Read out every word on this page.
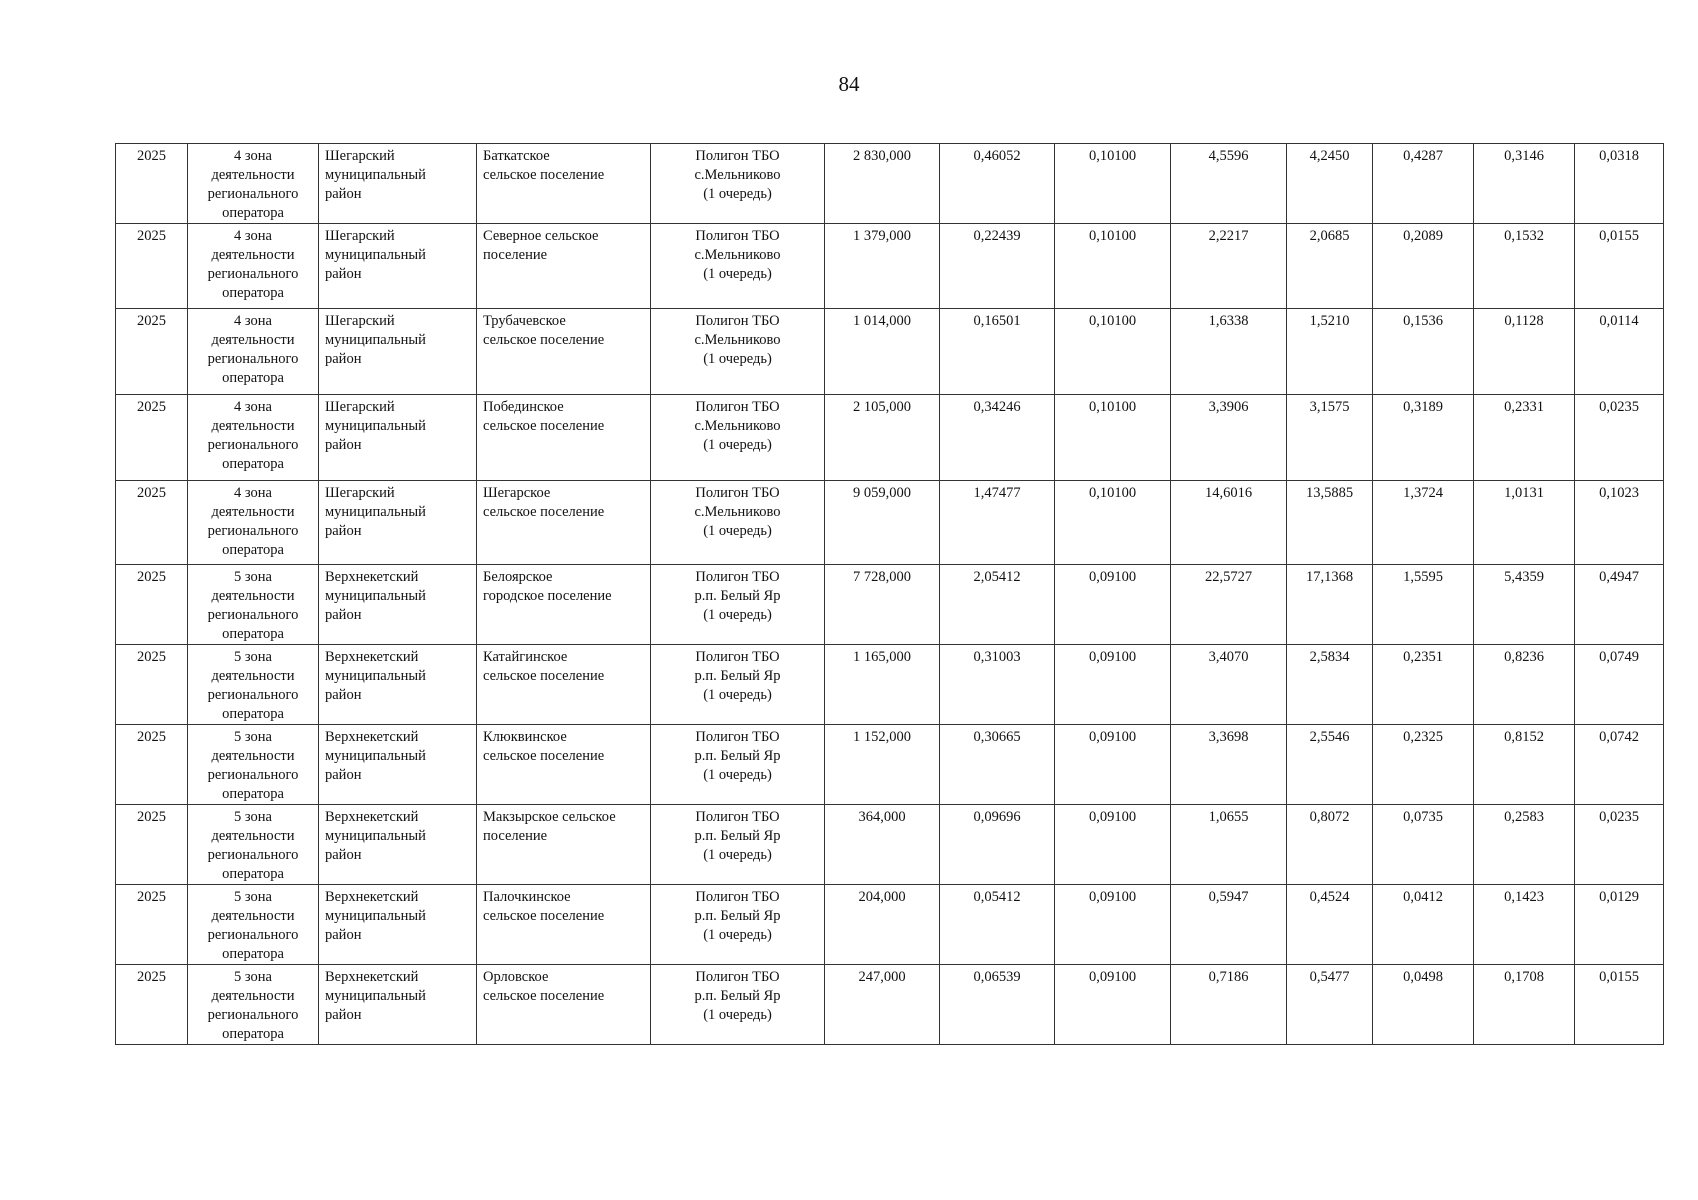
84
2025	4 зона
деятельности
регионального
оператора	Шегарский
муниципальный
район	Баткатское
сельское поселение	Полигон ТБО
с.Мельниково
(1 очередь)	2 830,000	0,46052	0,10100	4,5596	4,2450	0,4287	0,3146	0,0318
2025	4 зона
деятельности
регионального
оператора	Шегарский
муниципальный
район	Северное сельское
поселение	Полигон ТБО
с.Мельниково
(1 очередь)	1 379,000	0,22439	0,10100	2,2217	2,0685	0,2089	0,1532	0,0155
2025	4 зона
деятельности
регионального
оператора	Шегарский
муниципальный
район	Трубачевское
сельское поселение	Полигон ТБО
с.Мельниково
(1 очередь)	1 014,000	0,16501	0,10100	1,6338	1,5210	0,1536	0,1128	0,0114
2025	4 зона
деятельности
регионального
оператора	Шегарский
муниципальный
район	Побединское
сельское поселение	Полигон ТБО
с.Мельниково
(1 очередь)	2 105,000	0,34246	0,10100	3,3906	3,1575	0,3189	0,2331	0,0235
2025	4 зона
деятельности
регионального
оператора	Шегарский
муниципальный
район	Шегарское
сельское поселение	Полигон ТБО
с.Мельниково
(1 очередь)	9 059,000	1,47477	0,10100	14,6016	13,5885	1,3724	1,0131	0,1023
2025	5 зона
деятельности
регионального
оператора	Верхнекетский
муниципальный
район	Белоярское
городское поселение	Полигон ТБО
р.п. Белый Яр
(1 очередь)	7 728,000	2,05412	0,09100	22,5727	17,1368	1,5595	5,4359	0,4947
2025	5 зона
деятельности
регионального
оператора	Верхнекетский
муниципальный
район	Катайгинское
сельское поселение	Полигон ТБО
р.п. Белый Яр
(1 очередь)	1 165,000	0,31003	0,09100	3,4070	2,5834	0,2351	0,8236	0,0749
2025	5 зона
деятельности
регионального
оператора	Верхнекетский
муниципальный
район	Клюквинское
сельское поселение	Полигон ТБО
р.п. Белый Яр
(1 очередь)	1 152,000	0,30665	0,09100	3,3698	2,5546	0,2325	0,8152	0,0742
2025	5 зона
деятельности
регионального
оператора	Верхнекетский
муниципальный
район	Макзырское сельское
поселение	Полигон ТБО
р.п. Белый Яр
(1 очередь)	364,000	0,09696	0,09100	1,0655	0,8072	0,0735	0,2583	0,0235
2025	5 зона
деятельности
регионального
оператора	Верхнекетский
муниципальный
район	Палочкинское
сельское поселение	Полигон ТБО
р.п. Белый Яр
(1 очередь)	204,000	0,05412	0,09100	0,5947	0,4524	0,0412	0,1423	0,0129
2025	5 зона
деятельности
регионального
оператора	Верхнекетский
муниципальный
район	Орловское
сельское поселение	Полигон ТБО
р.п. Белый Яр
(1 очередь)	247,000	0,06539	0,09100	0,7186	0,5477	0,0498	0,1708	0,0155
